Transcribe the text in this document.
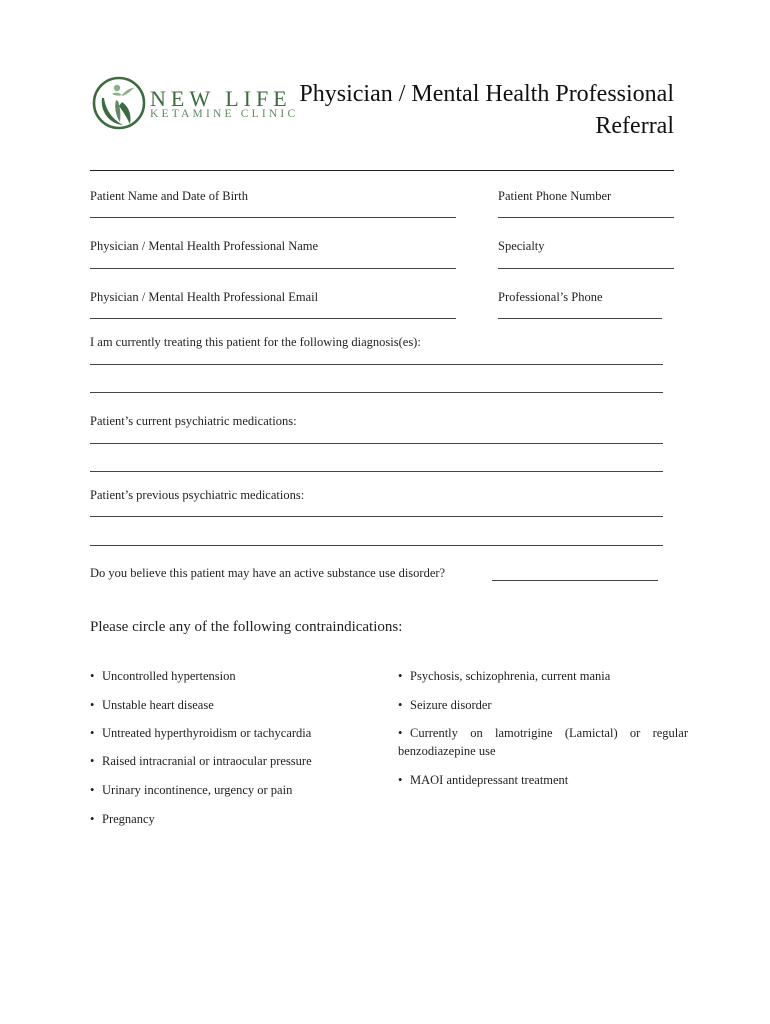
NEW LIFE
KETAMINE CLINIC
Physician / Mental Health Professional
Referral
Patient Name and Date of Birth	Patient Phone Number
Physician / Mental Health Professional Name	Specialty
Physician / Mental Health Professional Email	Professional’s Phone
I am currently treating this patient for the following diagnosis(es):
Patient’s current psychiatric medications:
Patient’s previous psychiatric medications:
Do you believe this patient may have an active substance use disorder?
Please circle any of the following contraindications:
• Uncontrolled hypertension
• Unstable heart disease
• Untreated hyperthyroidism or tachycardia
• Raised intracranial or intraocular pressure
• Urinary incontinence, urgency or pain
• Pregnancy
• Psychosis, schizophrenia, current mania
• Seizure disorder
• Currently on lamotrigine (Lamictal) or regular benzodiazepine use
• MAOI antidepressant treatment
